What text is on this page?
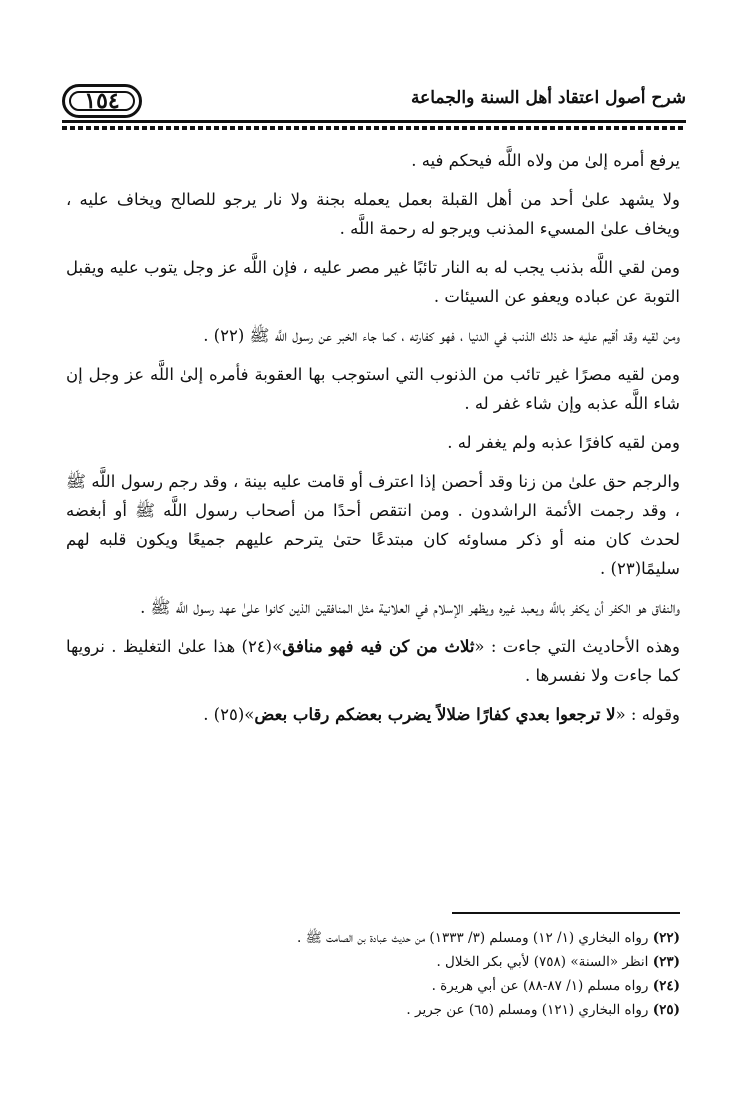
١٥٤	شرح أصول اعتقاد أهل السنة والجماعة

يرفع أمره إلىٰ من ولاه اللَّه فيحكم فيه .

ولا يشهد علىٰ أحد من أهل القبلة بعمل يعمله بجنة ولا نار يرجو للصالح ويخاف عليه ، ويخاف علىٰ المسيء المذنب ويرجو له رحمة اللَّه .

ومن لقي اللَّه بذنب يجب له به النار تائبًا غير مصر عليه ، فإن اللَّه عز وجل يتوب عليه ويقبل التوبة عن عباده ويعفو عن السيئات .

ومن لقيه وقد أقيم عليه حد ذلك الذنب في الدنيا ، فهو كفارته ، كما جاء الخبر عن رسول اللَّه ﷺ (٢٢) .

ومن لقيه مصرًا غير تائب من الذنوب التي استوجب بها العقوبة فأمره إلىٰ اللَّه عز وجل إن شاء اللَّه عذبه وإن شاء غفر له .

ومن لقيه كافرًا عذبه ولم يغفر له .

والرجم حق علىٰ من زنا وقد أحصن إذا اعترف أو قامت عليه بينة ، وقد رجم رسول اللَّه ﷺ ، وقد رجمت الأئمة الراشدون . ومن انتقص أحدًا من أصحاب رسول اللَّه ﷺ أو أبغضه لحدث كان منه أو ذكر مساوئه كان مبتدعًا حتىٰ يترحم عليهم جميعًا ويكون قلبه لهم سليمًا(٢٣) .

والنفاق هو الكفر أن يكفر باللَّه ويعبد غيره ويظهر الإسلام في العلانية مثل المنافقين الذين كانوا علىٰ عهد رسول اللَّه ﷺ .

وهذه الأحاديث التي جاءت : «ثلاث من كن فيه فهو منافق»(٢٤) هذا علىٰ التغليظ . نرويها كما جاءت ولا نفسرها .

وقوله : «لا ترجعوا بعدي كفارًا ضلالاً يضرب بعضكم رقاب بعض»(٢٥) .

(٢٢) رواه البخاري (١/ ١٢) ومسلم (٣/ ١٣٣٣) من حديث عبادة بن الصامت ﷺ .

(٢٣) انظر «السنة» (٧٥٨) لأبي بكر الخلال .

(٢٤) رواه مسلم (١/ ٨٧-٨٨) عن أبي هريرة .

(٢٥) رواه البخاري (١٢١) ومسلم (٦٥) عن جرير .
